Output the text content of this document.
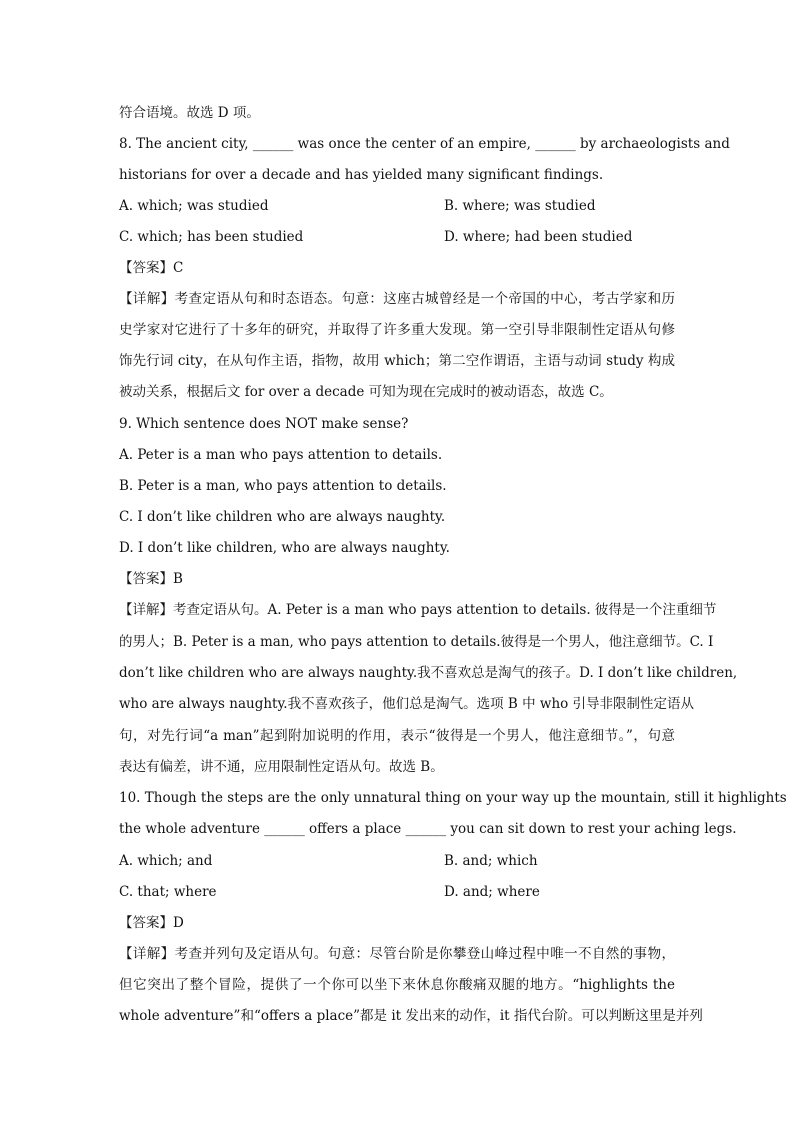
符合语境。故选 D 项。
8. The ancient city, ______ was once the center of an empire, ______ by archaeologists and
historians for over a decade and has yielded many significant findings.
A. which; was studied	B. where; was studied
C. which; has been studied	D. where; had been studied
【答案】C
【详解】考查定语从句和时态语态。句意：这座古城曾经是一个帝国的中心，考古学家和历
史学家对它进行了十多年的研究，并取得了许多重大发现。第一空引导非限制性定语从句修
饰先行词 city，在从句作主语，指物，故用 which；第二空作谓语，主语与动词 study 构成
被动关系，根据后文 for over a decade 可知为现在完成时的被动语态，故选 C。
9. Which sentence does NOT make sense?
A. Peter is a man who pays attention to details.
B. Peter is a man, who pays attention to details.
C. I don’t like children who are always naughty.
D. I don’t like children, who are always naughty.
【答案】B
【详解】考查定语从句。A. Peter is a man who pays attention to details. 彼得是一个注重细节
的男人；B. Peter is a man, who pays attention to details.彼得是一个男人，他注意细节。C. I
don’t like children who are always naughty.我不喜欢总是淘气的孩子。D. I don’t like children,
who are always naughty.我不喜欢孩子，他们总是淘气。选项 B 中 who 引导非限制性定语从
句，对先行词“a man”起到附加说明的作用，表示“彼得是一个男人，他注意细节。”，句意
表达有偏差，讲不通，应用限制性定语从句。故选 B。
10. Though the steps are the only unnatural thing on your way up the mountain, still it highlights
the whole adventure ______ offers a place ______ you can sit down to rest your aching legs.
A. which; and	B. and; which
C. that; where	D. and; where
【答案】D
【详解】考查并列句及定语从句。句意：尽管台阶是你攀登山峰过程中唯一不自然的事物，
但它突出了整个冒险，提供了一个你可以坐下来休息你酸痛双腿的地方。“highlights the
whole adventure”和“offers a place”都是 it 发出来的动作，it 指代台阶。可以判断这里是并列
